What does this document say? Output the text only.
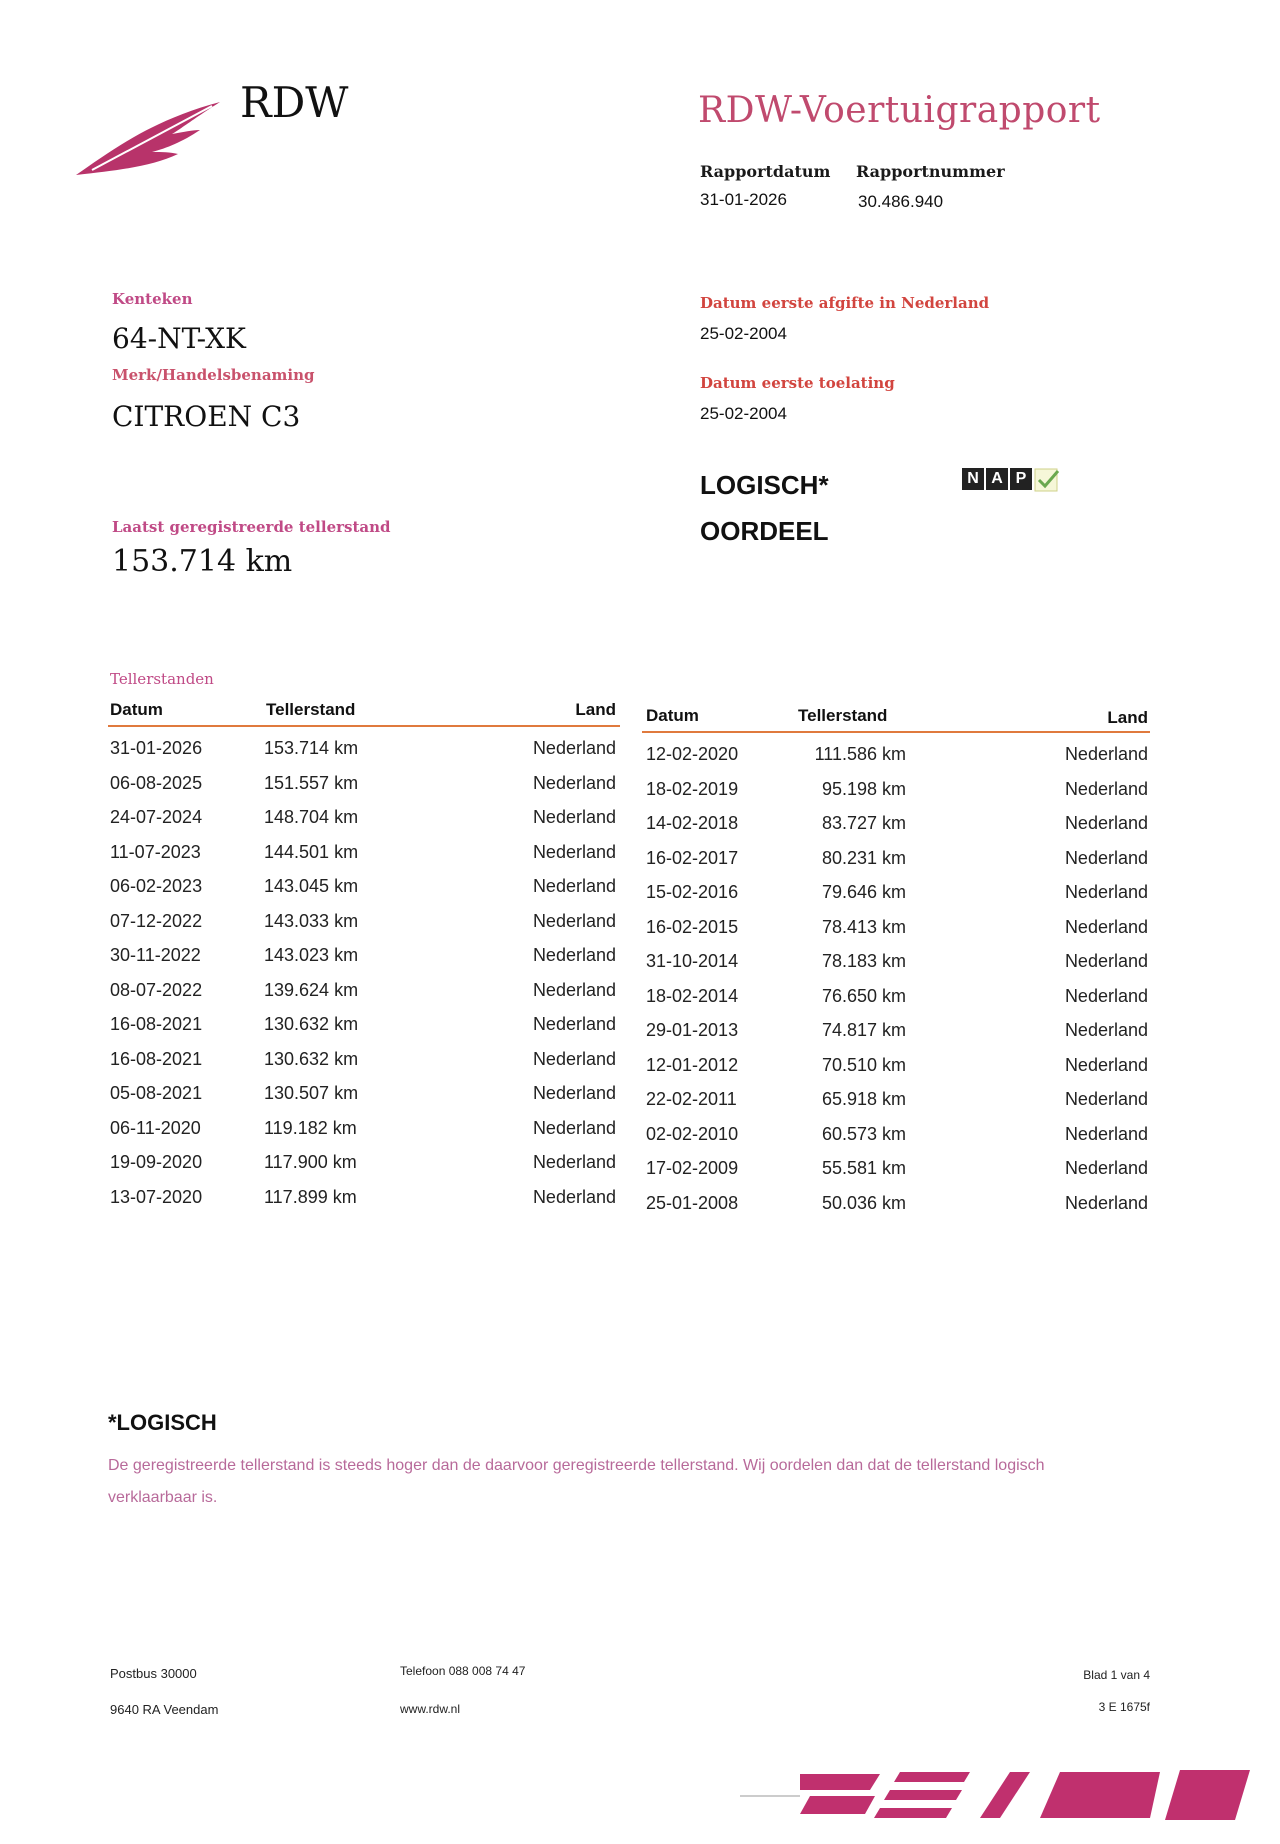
RDW	RDW-Voertuigrapport
Rapportdatum
31-01-2026
Rapportnummer
30.486.940
Kenteken
64-NT-XK
Merk/Handelsbenaming
CITROEN C3
Laatst geregistreerde tellerstand
153.714 km
Datum eerste afgifte in Nederland
25-02-2004
Datum eerste toelating
25-02-2004
LOGISCH*
OORDEEL
N A P
Tellerstanden
Datum	Tellerstand	Land Datum	Tellerstand	Land
31-01-2026	153.714 km	Nederland
06-08-2025	151.557 km	Nederland
24-07-2024	148.704 km	Nederland
11-07-2023	144.501 km	Nederland
06-02-2023	143.045 km	Nederland
07-12-2022	143.033 km	Nederland
30-11-2022	143.023 km	Nederland
08-07-2022	139.624 km	Nederland
16-08-2021	130.632 km	Nederland
16-08-2021	130.632 km	Nederland
05-08-2021	130.507 km	Nederland
06-11-2020	119.182 km	Nederland
19-09-2020	117.900 km	Nederland
13-07-2020	117.899 km	Nederland
12-02-2020	111.586 km	Nederland
18-02-2019	95.198 km	Nederland
14-02-2018	83.727 km	Nederland
16-02-2017	80.231 km	Nederland
15-02-2016	79.646 km	Nederland
16-02-2015	78.413 km	Nederland
31-10-2014	78.183 km	Nederland
18-02-2014	76.650 km	Nederland
29-01-2013	74.817 km	Nederland
12-01-2012	70.510 km	Nederland
22-02-2011	65.918 km	Nederland
02-02-2010	60.573 km	Nederland
17-02-2009	55.581 km	Nederland
25-01-2008	50.036 km	Nederland
*LOGISCH
De geregistreerde tellerstand is steeds hoger dan de daarvoor geregistreerde tellerstand. Wij oordelen dan dat de tellerstand logisch verklaarbaar is.
Postbus 30000
9640 RA Veendam
Telefoon 088 008 74 47
www.rdw.nl
Blad 1 van 4
3 E 1675f
